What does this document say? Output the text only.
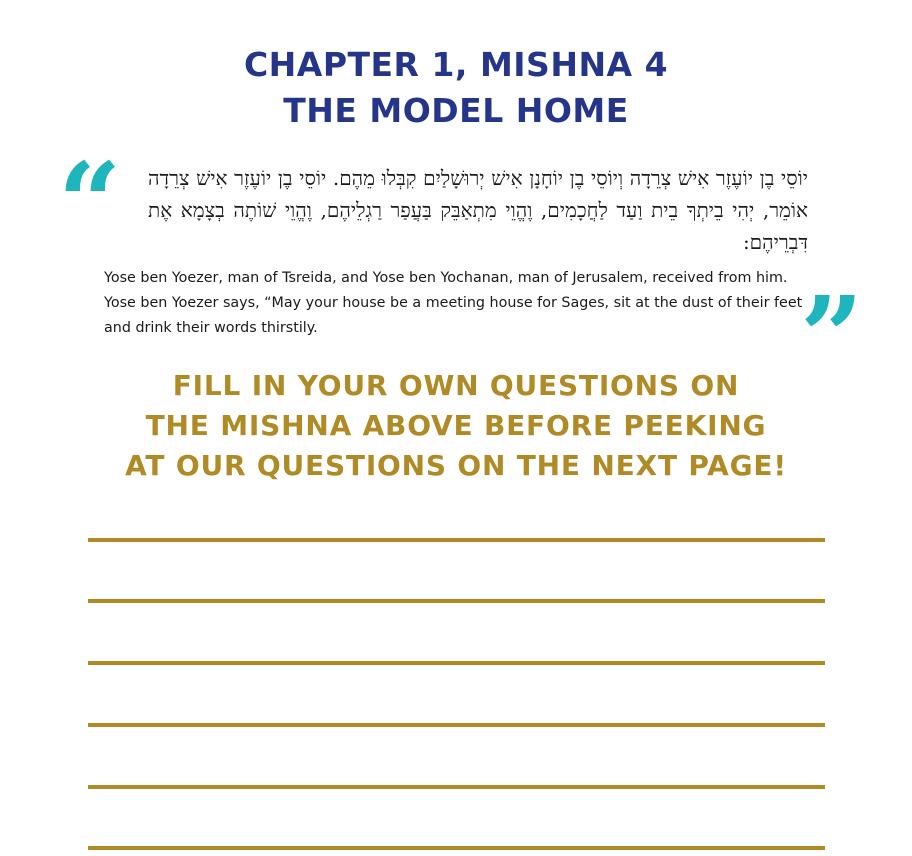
CHAPTER 1, MISHNA 4
THE MODEL HOME
“ יוֹסֵי בֶן יוֹעֶזֶר אִישׁ צְרֵדָה וְיוֹסֵי בֶן יוֹחָנָן אִישׁ יְרוּשָׁלַיִם קִבְּלוּ מֵהֶם. יוֹסֵי בֶן יוֹעֶזֶר אִישׁ צְרֵדָה אוֹמֵר, יְהִי בֵיתְךָ בֵית וַעַד לַחֲכָמִים, וֶהֱוֵי מִתְאַבֵּק בַּעֲפַר רַגְלֵיהֶם, וֶהֱוֵי שׁוֹתֶה בְצָמָא אֶת דִּבְרֵיהֶם:
Yose ben Yoezer, man of Tsreida, and Yose ben Yochanan, man of Jerusalem, received from him. Yose ben Yoezer says, “May your house be a meeting house for Sages, sit at the dust of their feet and drink their words thirstily.	”
FILL IN YOUR OWN QUESTIONS ON
THE MISHNA ABOVE BEFORE PEEKING
AT OUR QUESTIONS ON THE NEXT PAGE!
